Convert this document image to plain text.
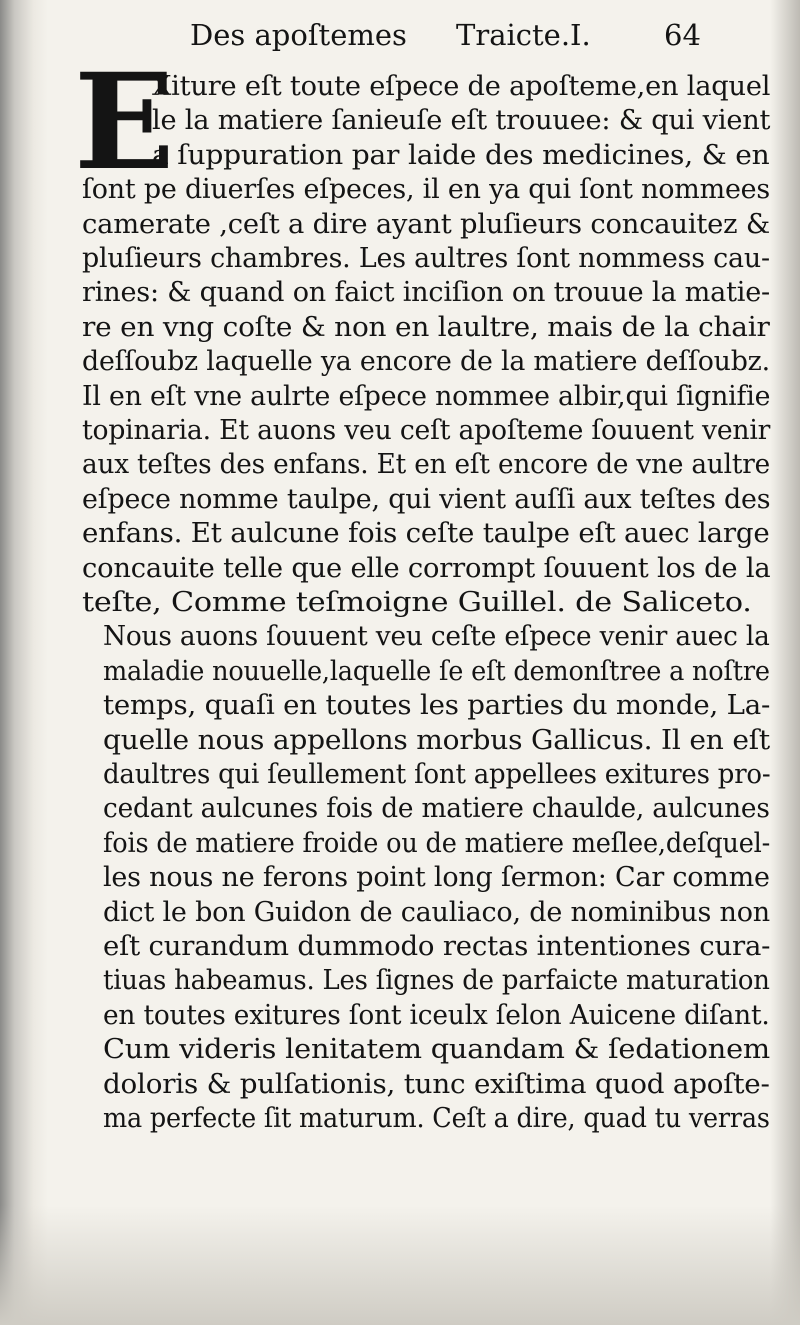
Des apoſtemes Traicte.I.	64
E
Xiture eſt toute eſpece de apoſteme,en laquel
le la matiere ſanieuſe eſt trouuee: & qui vient
a ſuppuration par laide des medicines, & en
ſont pe diuerſes eſpeces, il en ya qui ſont nommees
camerate ,ceſt a dire ayant pluſieurs concauitez &
pluſieurs chambres. Les aultres ſont nommess cau-
rines: & quand on faict inciſion on trouue la matie-
re en vng coſte & non en laultre, mais de la chair
deſſoubz laquelle ya encore de la matiere deſſoubz.
Il en eſt vne aulrte eſpece nommee albir,qui ſignifie
topinaria. Et auons veu ceſt apoſteme ſouuent venir
aux teſtes des enfans. Et en eſt encore de vne aultre
eſpece nomme taulpe, qui vient auſſi aux teſtes des
enfans. Et aulcune fois ceſte taulpe eſt auec large
concauite telle que elle corrompt ſouuent los de la
teſte, Comme teſmoigne Guillel. de Saliceto.
Nous auons ſouuent veu ceſte eſpece venir auec la
maladie nouuelle,laquelle ſe eſt demonſtree a noſtre
temps, quaſi en toutes les parties du monde, La-
quelle nous appellons morbus Gallicus. Il en eſt
daultres qui ſeullement ſont appellees exitures pro-
cedant aulcunes fois de matiere chaulde, aulcunes
fois de matiere froide ou de matiere meſlee,deſquel-
les nous ne ferons point long ſermon: Car comme
dict le bon Guidon de cauliaco, de nominibus non
eſt curandum dummodo rectas intentiones cura-
tiuas habeamus. Les ſignes de parfaicte maturation
en toutes exitures ſont iceulx ſelon Auicene diſant.
Cum videris lenitatem quandam & ſedationem
doloris & pulſationis, tunc exiſtima quod apoſte-
ma perfecte ſit maturum. Ceſt a dire, quad tu verras
